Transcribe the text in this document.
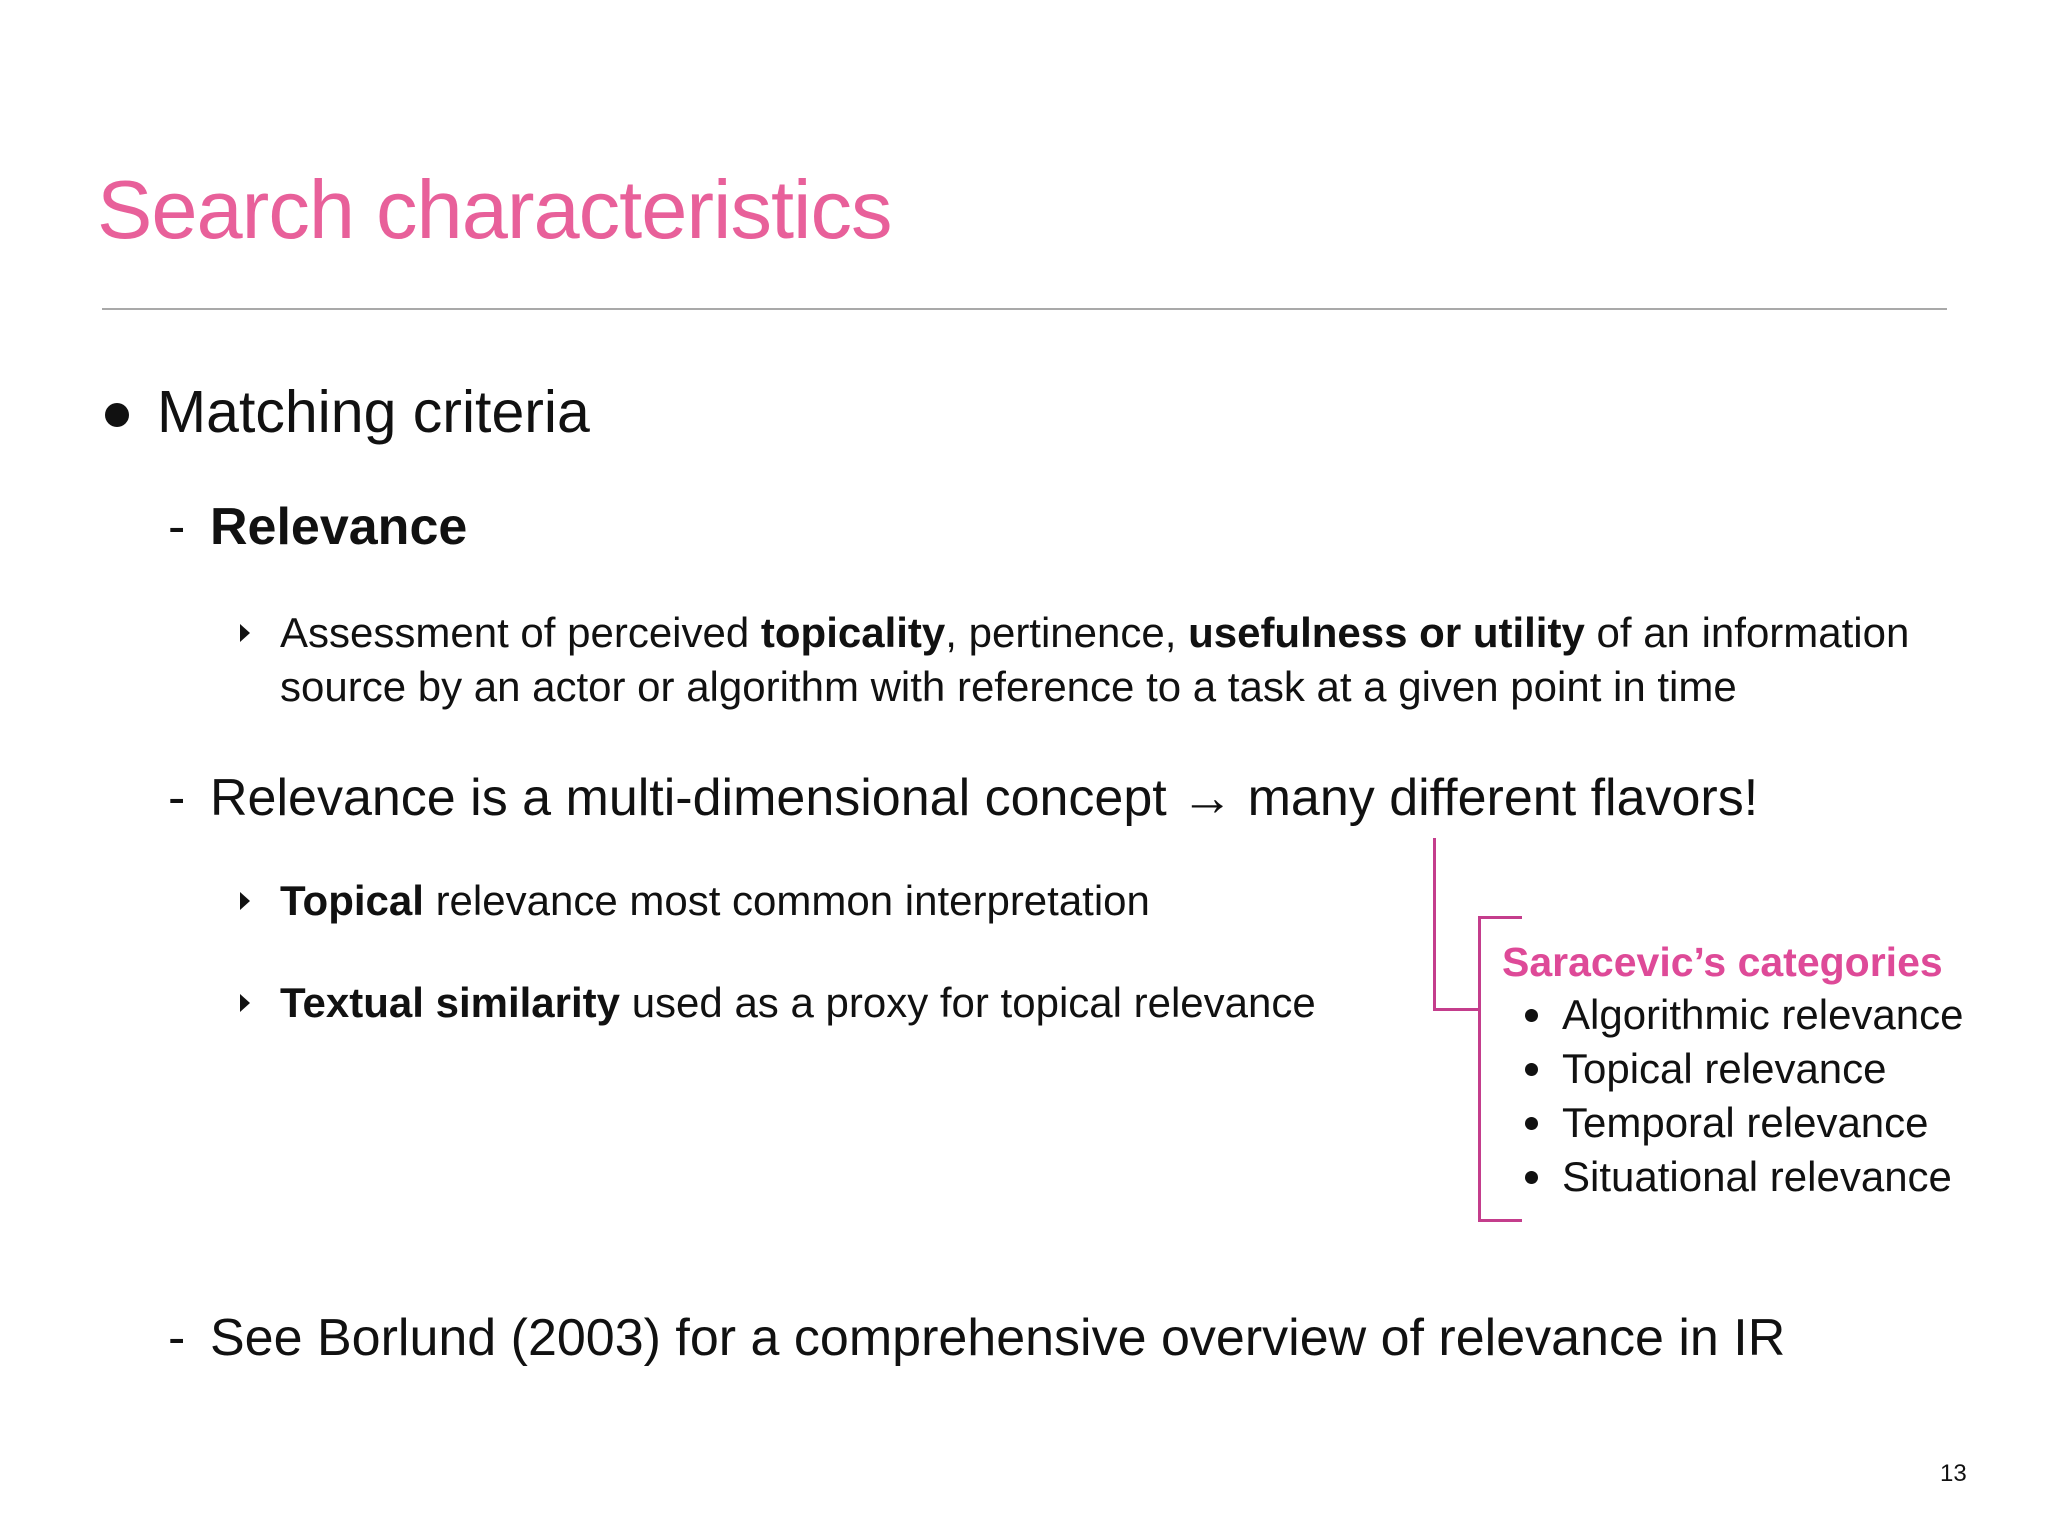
Search characteristics
Matching criteria
- Relevance
Assessment of perceived topicality, pertinence, usefulness or utility of an information
source by an actor or algorithm with reference to a task at a given point in time
- Relevance is a multi-dimensional concept → many different flavors!
Topical relevance most common interpretation
Textual similarity used as a proxy for topical relevance
Saracevic’s categories
Algorithmic relevance
Topical relevance
Temporal relevance
Situational relevance
- See Borlund (2003) for a comprehensive overview of relevance in IR
13
